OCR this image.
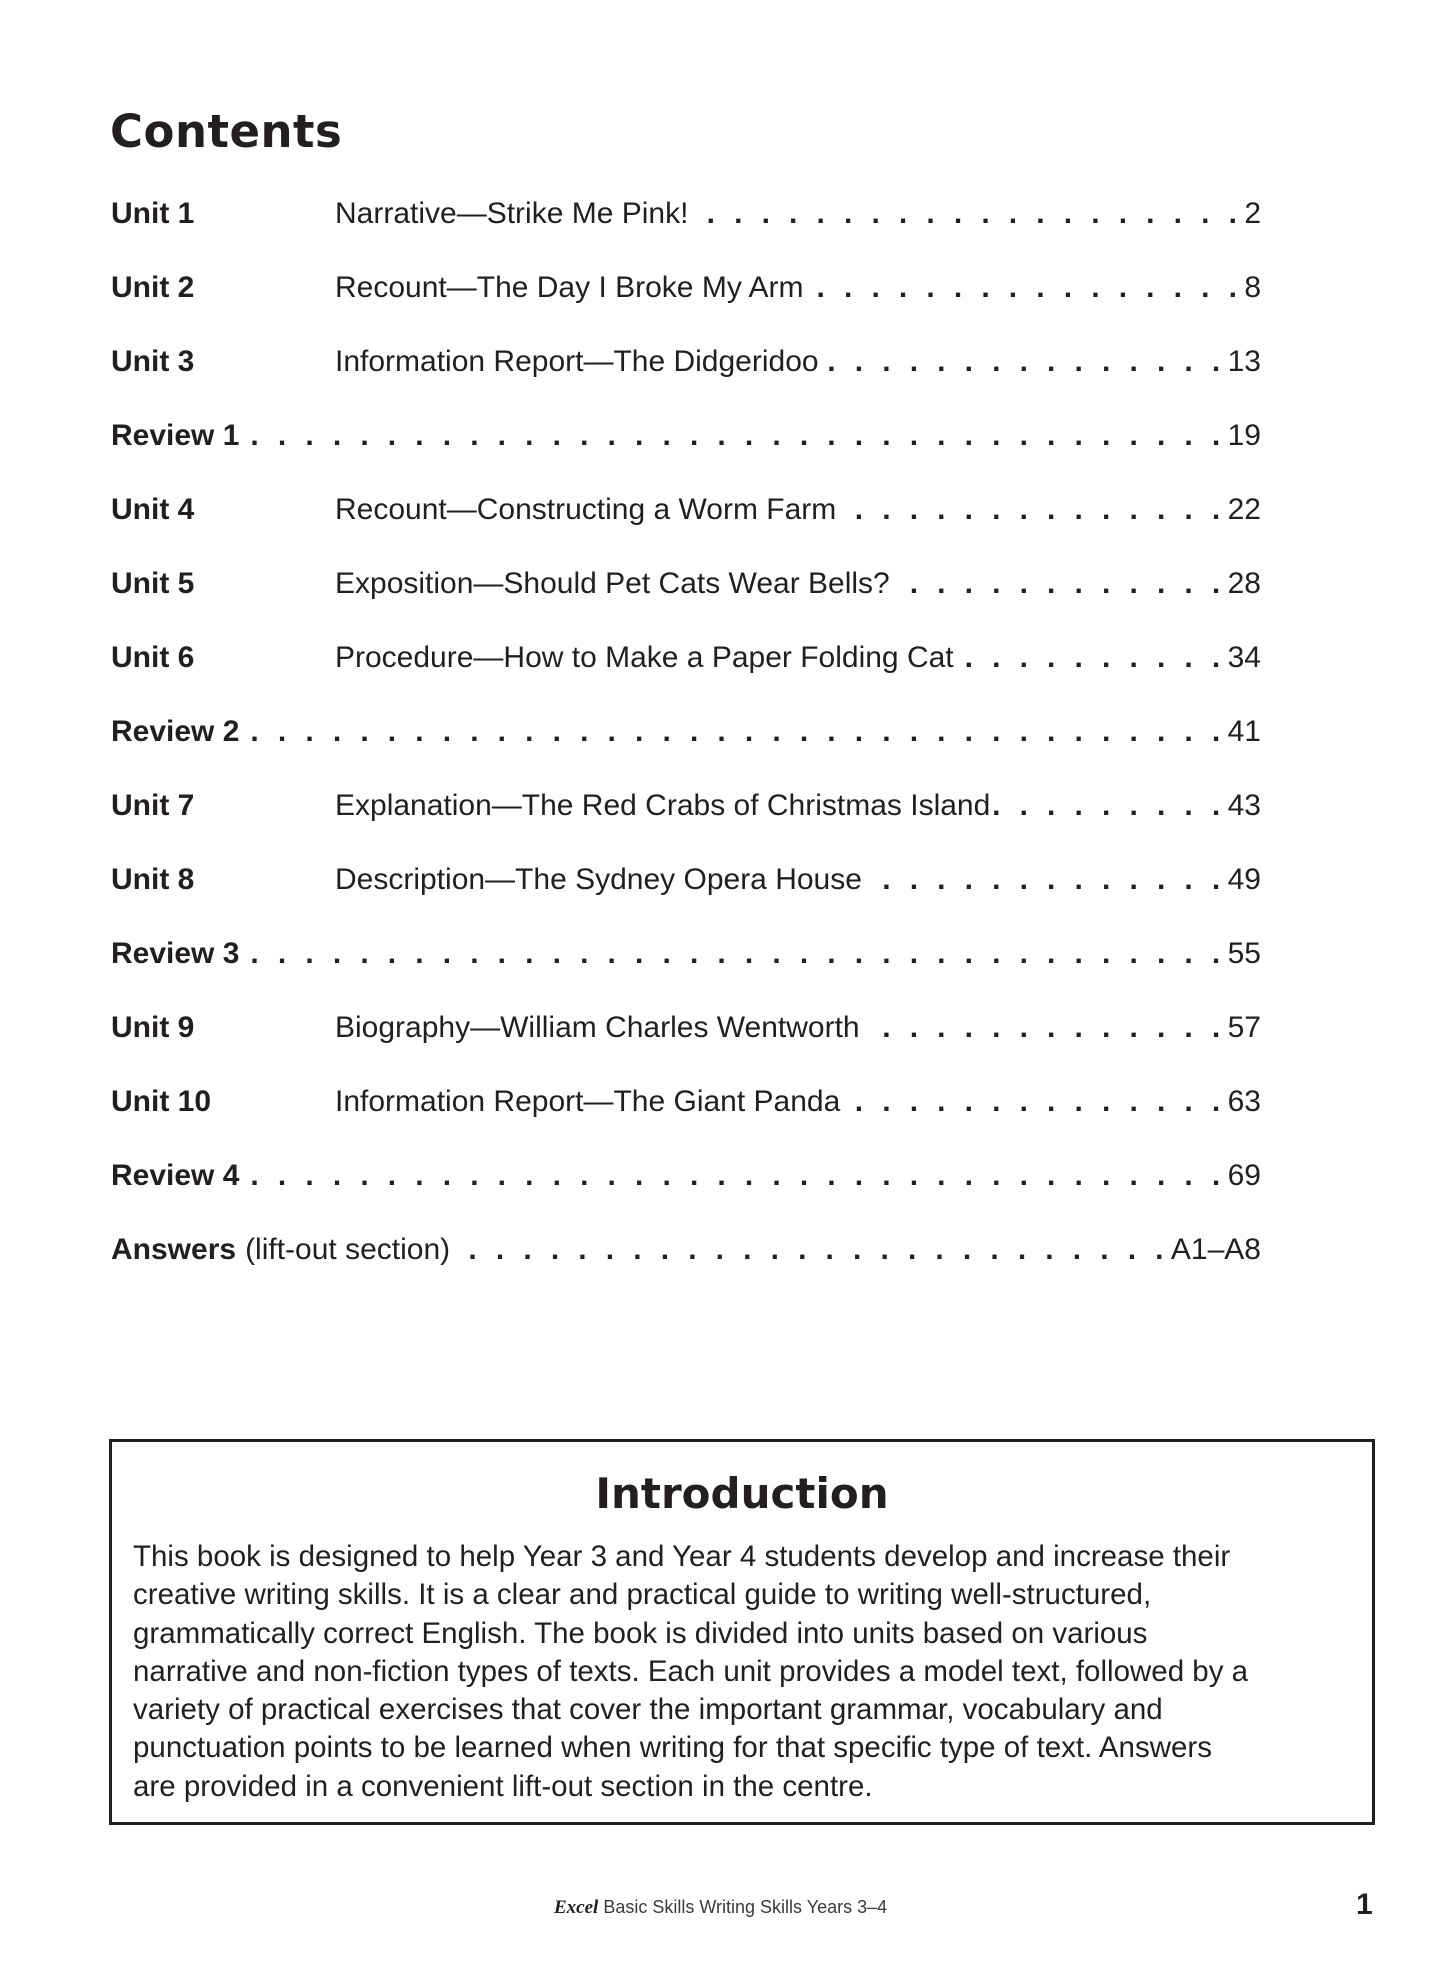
Contents
Unit 1	Narrative—Strike Me Pink! . . .	2
Unit 2	Recount—The Day I Broke My Arm . . .	8
Unit 3	Information Report—The Didgeridoo . . .	13
Review 1 . . .	19
Unit 4	Recount—Constructing a Worm Farm . . .	22
Unit 5	Exposition—Should Pet Cats Wear Bells? . . .	28
Unit 6	Procedure—How to Make a Paper Folding Cat . . .	34
Review 2 . . .	41
Unit 7	Explanation—The Red Crabs of Christmas Island . . .	43
Unit 8	Description—The Sydney Opera House . . .	49
Review 3 . . .	55
Unit 9	Biography—William Charles Wentworth . . .	57
Unit 10	Information Report—The Giant Panda . . .	63
Review 4 . . .	69
Answers (lift-out section) . . .	A1–A8
Introduction

This book is designed to help Year 3 and Year 4 students develop and increase their
creative writing skills. It is a clear and practical guide to writing well-structured,
grammatically correct English. The book is divided into units based on various
narrative and non-fiction types of texts. Each unit provides a model text, followed by a
variety of practical exercises that cover the important grammar, vocabulary and
punctuation points to be learned when writing for that specific type of text. Answers
are provided in a convenient lift-out section in the centre.

Excel Basic Skills Writing Skills Years 3–4	1
